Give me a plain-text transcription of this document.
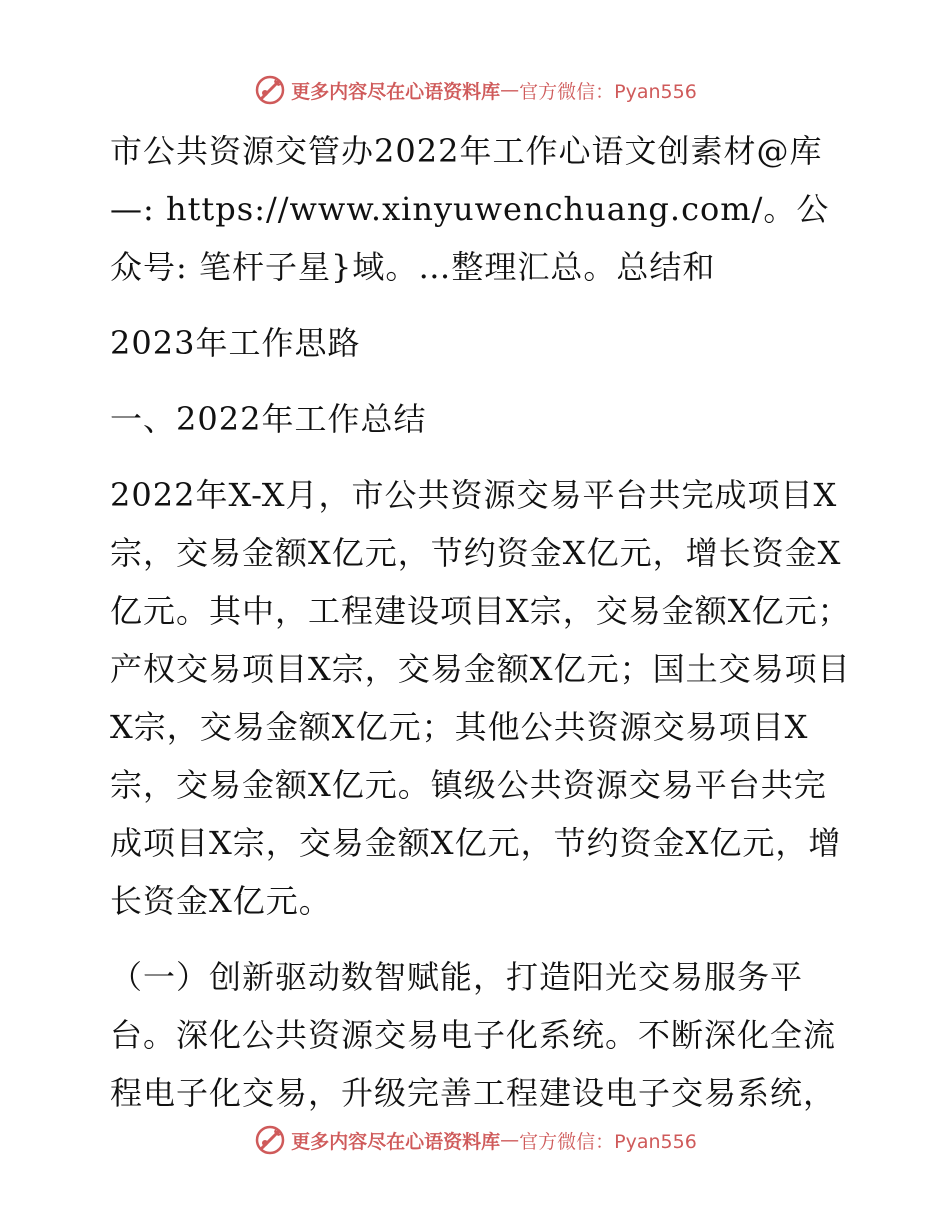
更多内容尽在心语资料库 — 官方微信：Pyan556

市公共资源交管办2022年工作心语文创素材@库—: https://www.xinyuwenchuang.com/。公众号: 笔杆子星}域。…整理汇总。总结和

2023年工作思路

一、2022年工作总结

2022年X-X月，市公共资源交易平台共完成项目X宗，交易金额X亿元，节约资金X亿元，增长资金X亿元。其中，工程建设项目X宗，交易金额X亿元；产权交易项目X宗，交易金额X亿元；国土交易项目X宗，交易金额X亿元；其他公共资源交易项目X宗，交易金额X亿元。镇级公共资源交易平台共完成项目X宗，交易金额X亿元，节约资金X亿元，增长资金X亿元。

（一）创新驱动数智赋能，打造阳光交易服务平台。深化公共资源交易电子化系统。不断深化全流程电子化交易，升级完善工程建设电子交易系统，

更多内容尽在心语资料库 — 官方微信：Pyan556
